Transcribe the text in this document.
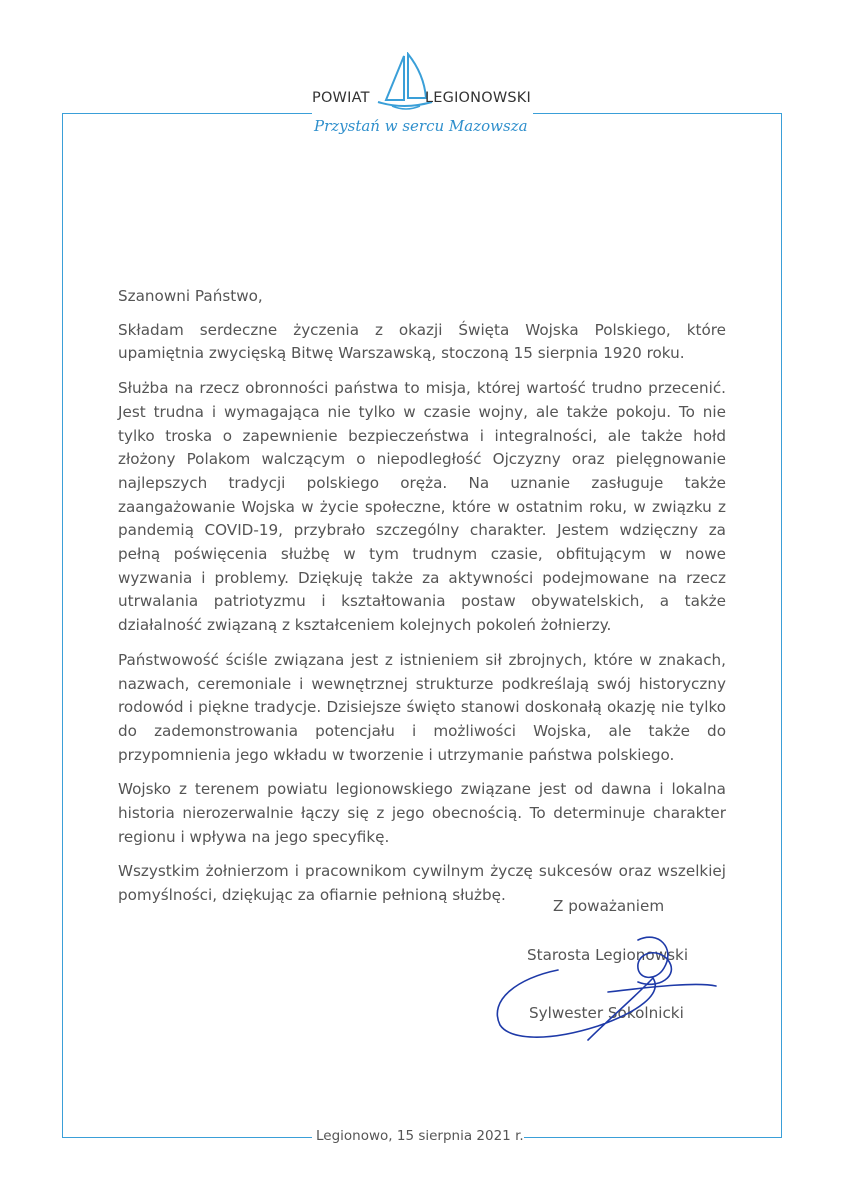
POWIAT	LEGIONOWSKI
Przystań w sercu Mazowsza

Szanowni Państwo,

Składam serdeczne życzenia z okazji Święta Wojska Polskiego, które upamiętnia zwycięską Bitwę Warszawską, stoczoną 15 sierpnia 1920 roku.

Służba na rzecz obronności państwa to misja, której wartość trudno przecenić. Jest trudna i wymagająca nie tylko w czasie wojny, ale także pokoju. To nie tylko troska o zapewnienie bezpieczeństwa i integralności, ale także hołd złożony Polakom walczącym o niepodległość Ojczyzny oraz pielęgnowanie najlepszych tradycji polskiego oręża. Na uznanie zasługuje także zaangażowanie Wojska w życie społeczne, które w ostatnim roku, w związku z pandemią COVID-19, przybrało szczególny charakter. Jestem wdzięczny za pełną poświęcenia służbę w tym trudnym czasie, obfitującym w nowe wyzwania i problemy. Dziękuję także za aktywności podejmowane na rzecz utrwalania patriotyzmu i kształtowania postaw obywatelskich, a także działalność związaną z kształceniem kolejnych pokoleń żołnierzy.

Państwowość ściśle związana jest z istnieniem sił zbrojnych, które w znakach, nazwach, ceremoniale i wewnętrznej strukturze podkreślają swój historyczny rodowód i piękne tradycje. Dzisiejsze święto stanowi doskonałą okazję nie tylko do zademonstrowania potencjału i możliwości Wojska, ale także do przypomnienia jego wkładu w tworzenie i utrzymanie państwa polskiego.

Wojsko z terenem powiatu legionowskiego związane jest od dawna i lokalna historia nierozerwalnie łączy się z jego obecnością. To determinuje charakter regionu i wpływa na jego specyfikę.

Wszystkim żołnierzom i pracownikom cywilnym życzę sukcesów oraz wszelkiej pomyślności, dziękując za ofiarnie pełnioną służbę.

Z poważaniem
Starosta Legionowski
Sylwester Sokolnicki
Legionowo, 15 sierpnia 2021 r.
